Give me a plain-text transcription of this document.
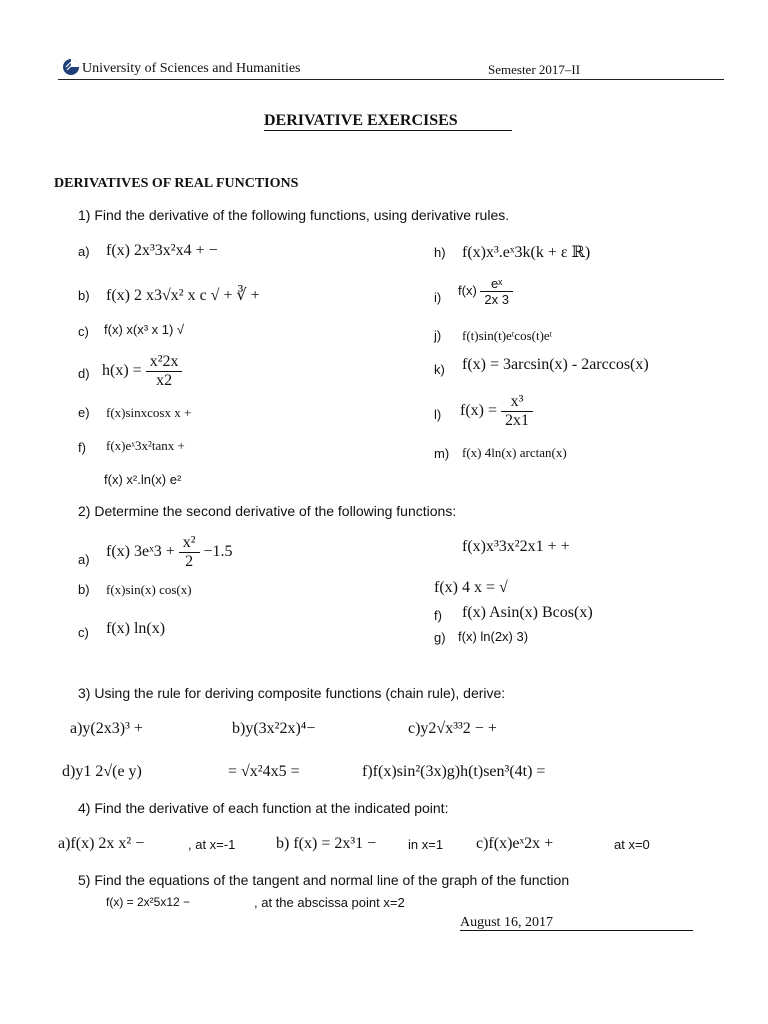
University of Sciences and Humanities	Semester 2017–II
DERIVATIVE EXERCISES
DERIVATIVES OF REAL FUNCTIONS
1) Find the derivative of the following functions, using derivative rules.
a) f(x) 2x³3x²x4 + −
b) f(x) 2 x3√x² x c √ + ∛ +
c) f(x) x(x³ x 1) √
d) $h(x) = \frac{\text{x²2x}}{x2}$
e) f(x)sinxcosx x +
f) f(x)eˣ3x²tanx +
f(x) x².ln(x) e²
h) f(x)x³.eˣ3k(k + ε ℝ)
i) $f(x) \frac{\text{eˣ}}{2x 3}$
j) f(t)sin(t)eᵗcos(t)eᵗ
k) f(x) = 3arcsin(x) - 2arccos(x)
l) $f(x) = \frac{\text{x³}}{2x1}$
m) f(x) 4ln(x) arctan(x)
2) Determine the second derivative of the following functions:
a) f(x) 3eˣ3 + $\frac{\text{x²}}{2} -1.5$
b) f(x)sin(x) cos(x)
c) f(x) ln(x)
f(x)x³3x²2x1 + +
f(x) 4 x = √
f) f(x) Asin(x) Bcos(x)
g) f(x) ln(2x) 3)
3) Using the rule for deriving composite functions (chain rule), derive:
a)y(2x3)³ +	b)y(3x²2x)⁴−	c)y2√x³³2 − +
d)y1 2√(e y)	= √x²4x5 =	f)f(x)sin²(3x)g)h(t)sen³(4t) =
4) Find the derivative of each function at the indicated point:
a)f(x) 2x x² −	, at x=-1	b) f(x) = 2x³1 − in x=1 c)f(x)eˣ2x +	at x=0
5) Find the equations of the tangent and normal line of the graph of the function
f(x) = 2x²5x12 −	, at the abscissa point x=2
August 16, 2017
